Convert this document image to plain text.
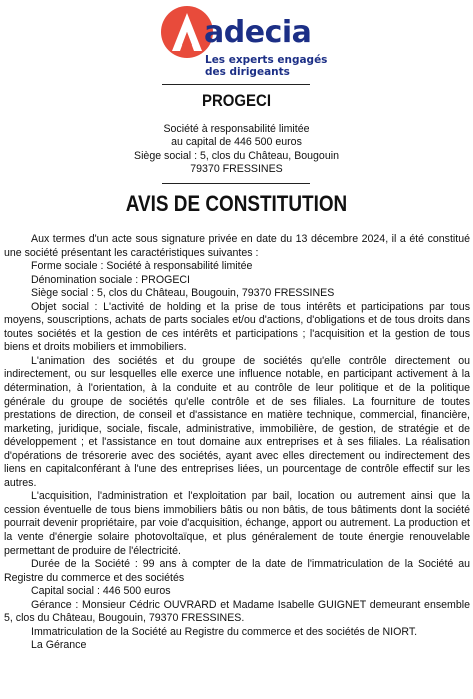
adecia
Les experts engagés
des dirigeants
PROGECI
Société à responsabilité limitée
au capital de 446 500 euros
Siège social : 5, clos du Château, Bougouin
79370 FRESSINES
AVIS DE CONSTITUTION

Aux termes d'un acte sous signature privée en date du 13 décembre 2024, il a été constitué une société présentant les caractéristiques suivantes :

Forme sociale : Société à responsabilité limitée

Dénomination sociale : PROGECI

Siège social : 5, clos du Château, Bougouin, 79370 FRESSINES

Objet social : L'activité de holding et la prise de tous intérêts et participations par tous moyens, souscriptions, achats de parts sociales et/ou d'actions, d'obligations et de tous droits dans toutes sociétés et la gestion de ces intérêts et participations ; l'acquisition et la gestion de tous biens et droits mobiliers et immobiliers.

L'animation des sociétés et du groupe de sociétés qu'elle contrôle directement ou indirectement, ou sur lesquelles elle exerce une influence notable, en participant activement à la détermination, à l'orientation, à la conduite et au contrôle de leur politique et de la politique générale du groupe de sociétés qu'elle contrôle et de ses filiales. La fourniture de toutes prestations de direction, de conseil et d'assistance en matière technique, commercial, financière, marketing, juridique, sociale, fiscale, administrative, immobilière, de gestion, de stratégie et de développement ; et l'assistance en tout domaine aux entreprises et à ses filiales. La réalisation d'opérations de trésorerie avec des sociétés, ayant avec elles directement ou indirectement des liens en capitalconférant à l'une des entreprises liées, un pourcentage de contrôle effectif sur les autres.

L'acquisition, l'administration et l'exploitation par bail, location ou autrement ainsi que la cession éventuelle de tous biens immobiliers bâtis ou non bâtis, de tous bâtiments dont la société pourrait devenir propriétaire, par voie d'acquisition, échange, apport ou autrement. La production et la vente d'énergie solaire photovoltaïque, et plus généralement de toute énergie renouvelable permettant de produire de l'électricité.

Durée de la Société : 99 ans à compter de la date de l'immatriculation de la Société au Registre du commerce et des sociétés

Capital social : 446 500 euros

Gérance : Monsieur Cédric OUVRARD et Madame Isabelle GUIGNET demeurant ensemble 5, clos du Château, Bougouin, 79370 FRESSINES.

Immatriculation de la Société au Registre du commerce et des sociétés de NIORT.

La Gérance
